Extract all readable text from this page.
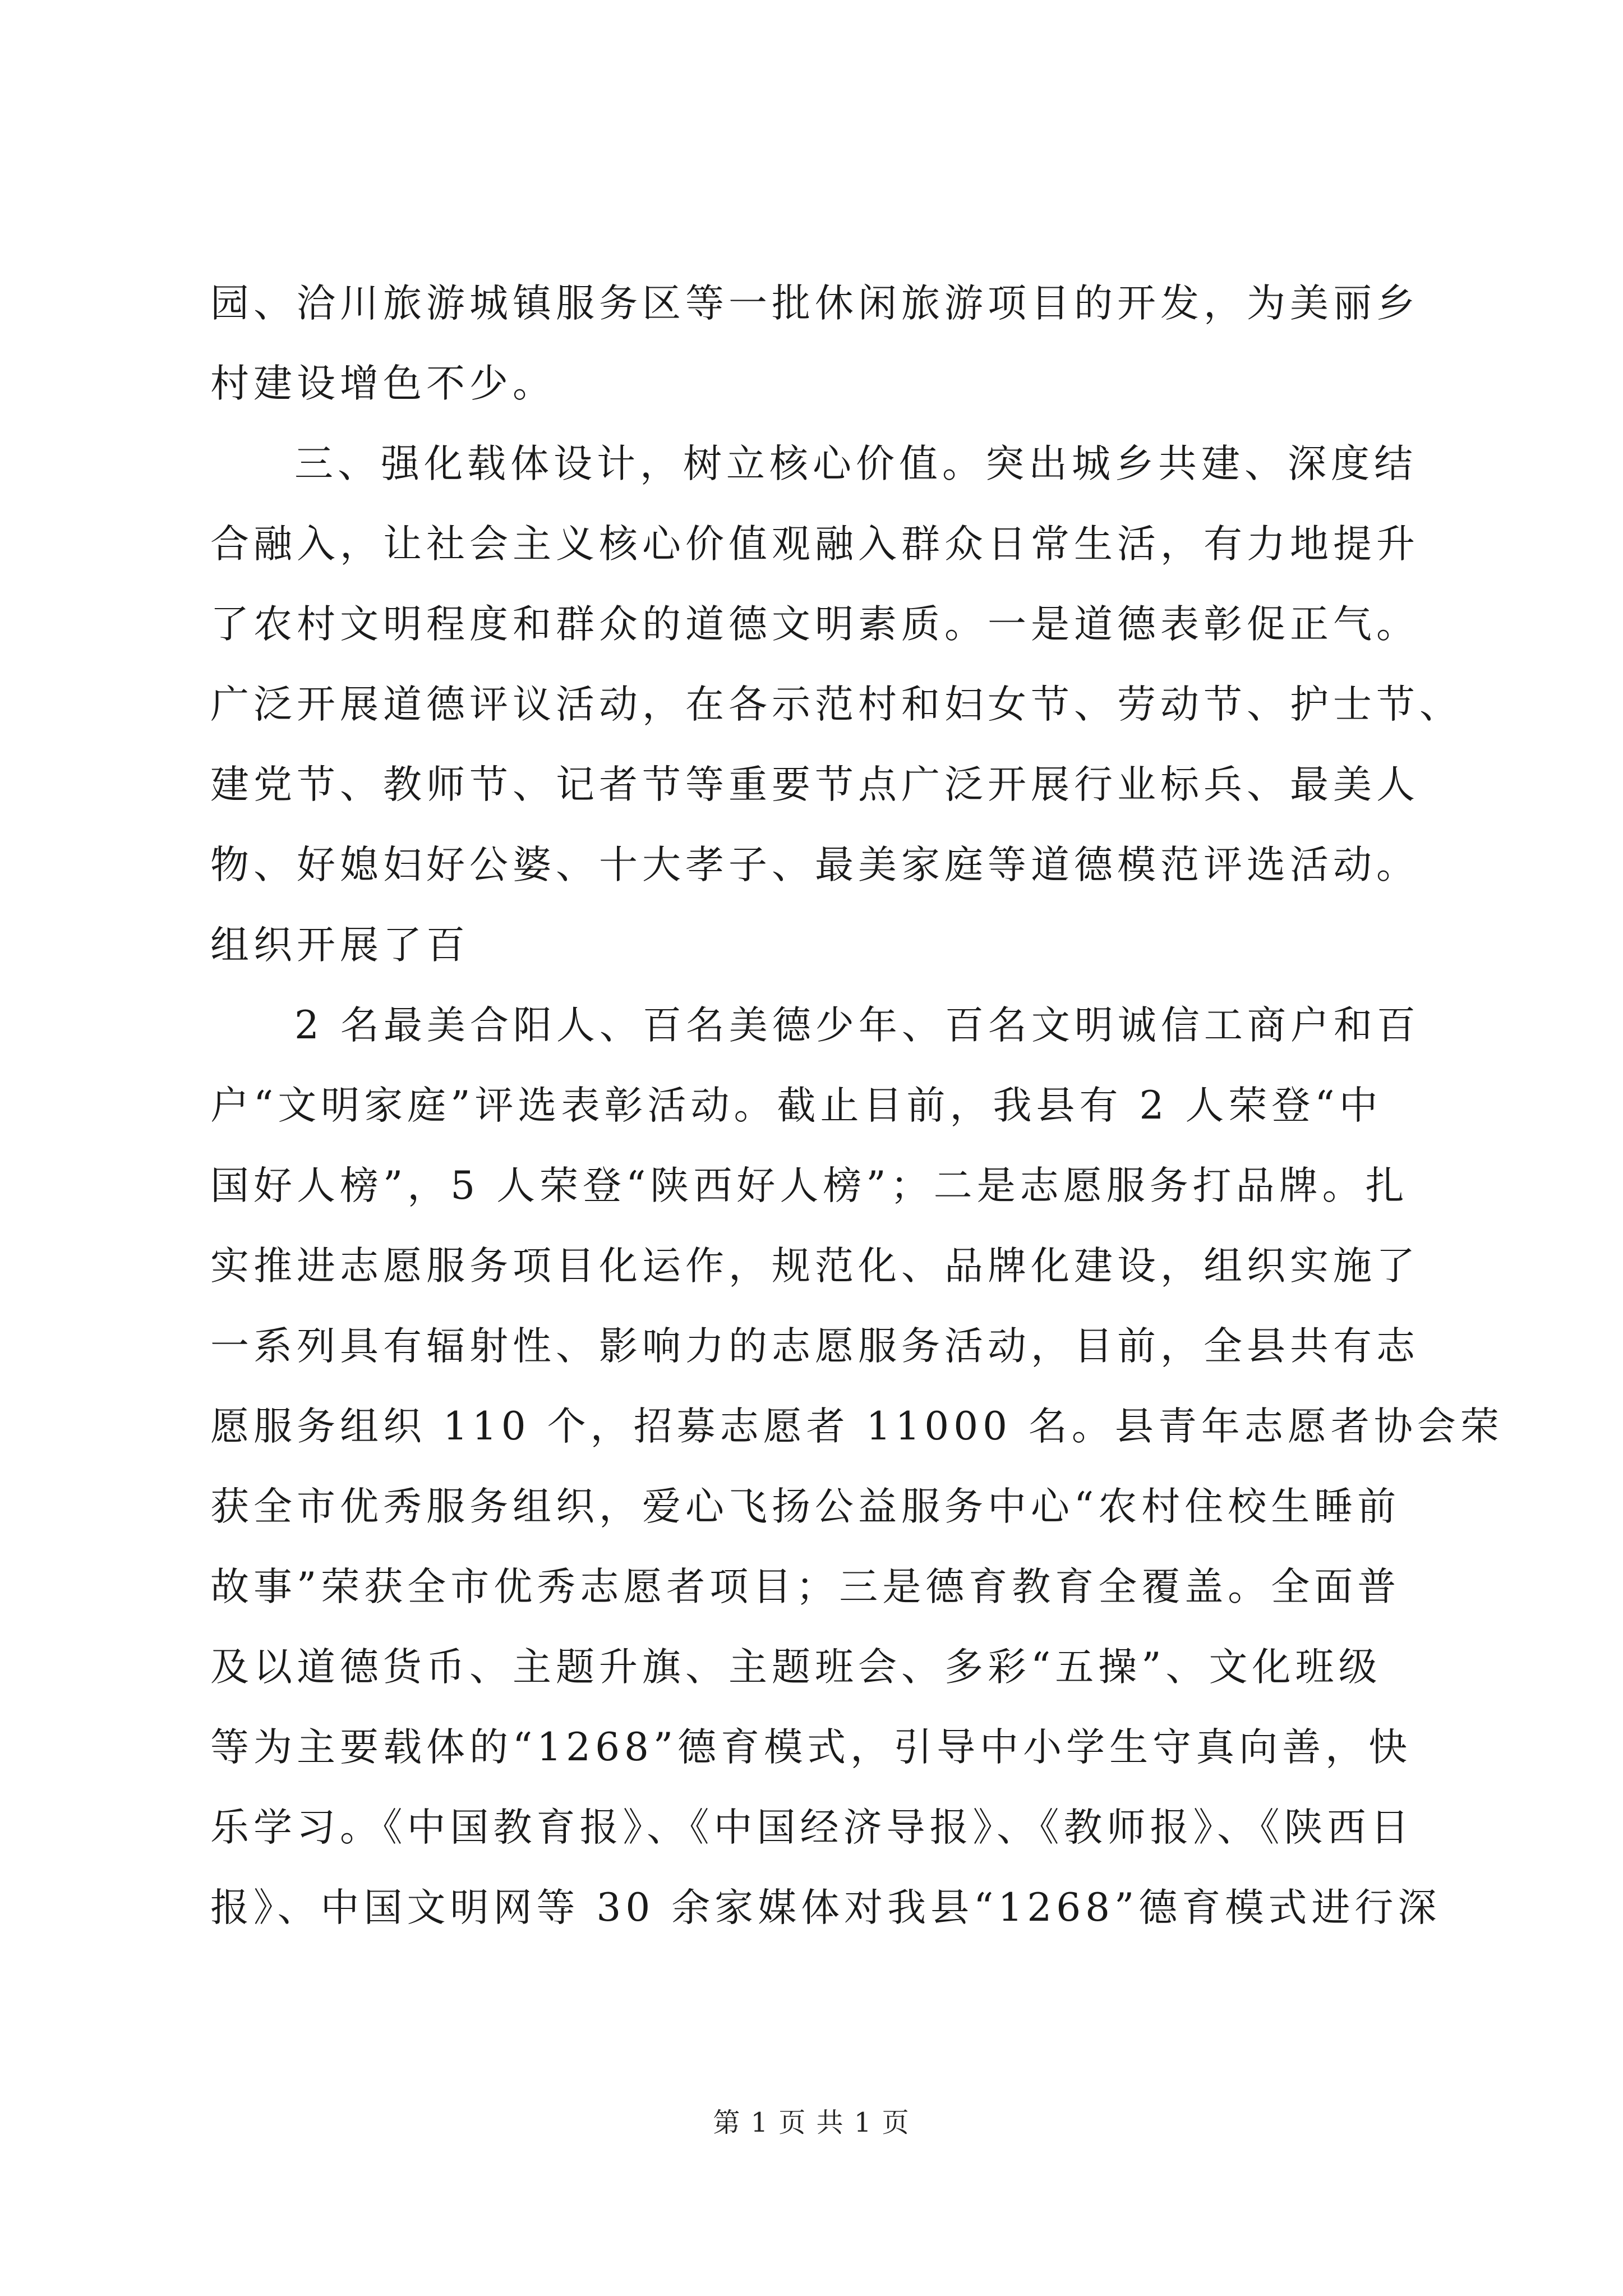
园、洽川旅游城镇服务区等一批休闲旅游项目的开发，为美丽乡
村建设增色不少。
三、强化载体设计，树立核心价值。突出城乡共建、深度结
合融入，让社会主义核心价值观融入群众日常生活，有力地提升
了农村文明程度和群众的道德文明素质。一是道德表彰促正气。
广泛开展道德评议活动，在各示范村和妇女节、劳动节、护士节、
建党节、教师节、记者节等重要节点广泛开展行业标兵、最美人
物、好媳妇好公婆、十大孝子、最美家庭等道德模范评选活动。
组织开展了百
2 名最美合阳人、百名美德少年、百名文明诚信工商户和百
户“文明家庭”评选表彰活动。截止目前，我县有 2 人荣登“中
国好人榜”，5 人荣登“陕西好人榜”；二是志愿服务打品牌。扎
实推进志愿服务项目化运作，规范化、品牌化建设，组织实施了
一系列具有辐射性、影响力的志愿服务活动，目前，全县共有志
愿服务组织 110 个，招募志愿者 11000 名。县青年志愿者协会荣
获全市优秀服务组织，爱心飞扬公益服务中心“农村住校生睡前
故事”荣获全市优秀志愿者项目；三是德育教育全覆盖。全面普
及以道德货币、主题升旗、主题班会、多彩“五操”、文化班级
等为主要载体的“1268”德育模式，引导中小学生守真向善，快
乐学习。《中国教育报》、《中国经济导报》、《教师报》、《陕西日
报》、中国文明网等 30 余家媒体对我县“1268”德育模式进行深
第 1 页 共 1 页
